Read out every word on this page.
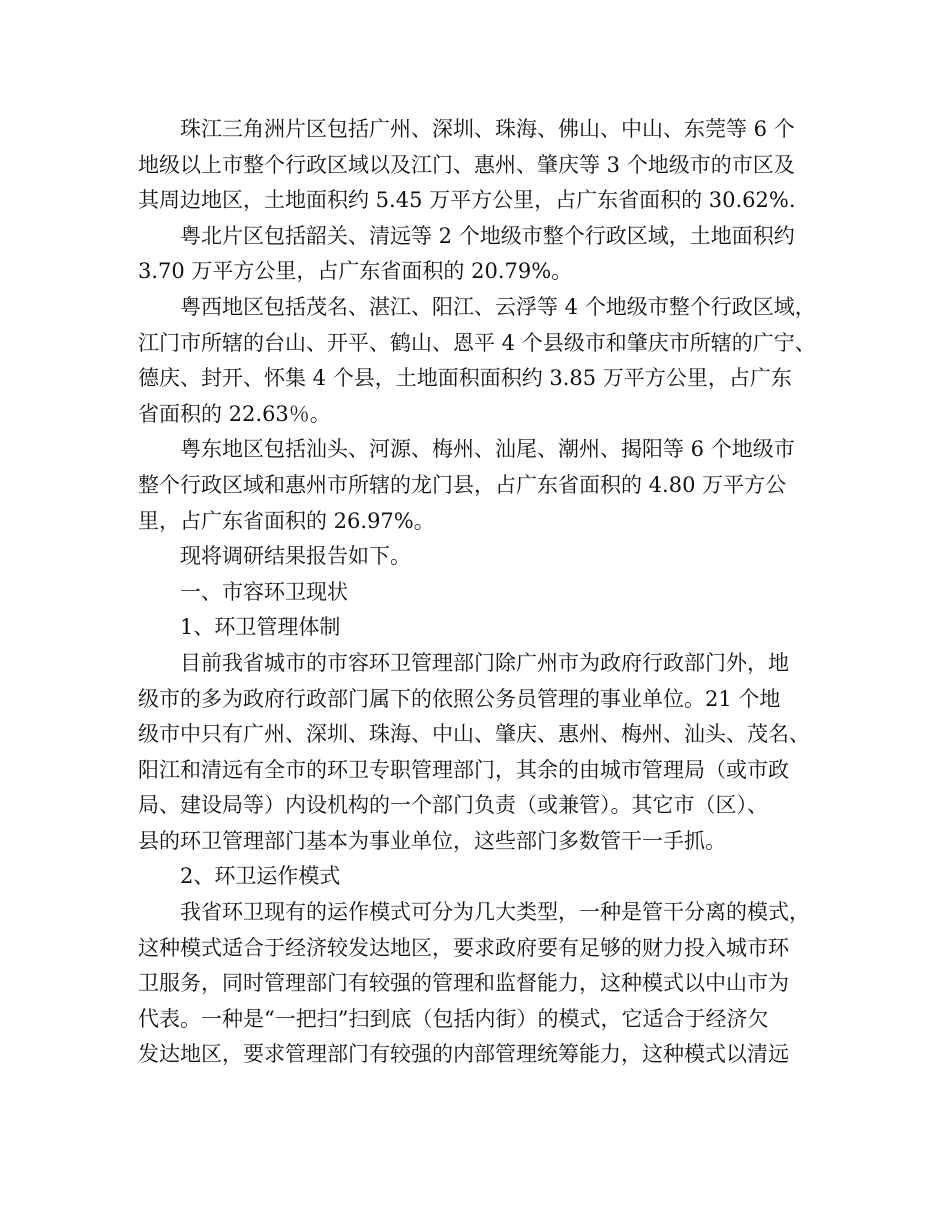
珠江三角洲片区包括广州、深圳、珠海、佛山、中山、东莞等 6 个
地级以上市整个行政区域以及江门、惠州、肇庆等 3 个地级市的市区及
其周边地区，土地面积约 5.45 万平方公里，占广东省面积的 30.62%.
粤北片区包括韶关、清远等 2 个地级市整个行政区域，土地面积约
3.70 万平方公里，占广东省面积的 20.79%。
粤西地区包括茂名、湛江、阳江、云浮等 4 个地级市整个行政区域，
江门市所辖的台山、开平、鹤山、恩平 4 个县级市和肇庆市所辖的广宁、
德庆、封开、怀集 4 个县，土地面积面积约 3.85 万平方公里，占广东
省面积的 22.63％。
粤东地区包括汕头、河源、梅州、汕尾、潮州、揭阳等 6 个地级市
整个行政区域和惠州市所辖的龙门县，占广东省面积的 4.80 万平方公
里，占广东省面积的 26.97%。
现将调研结果报告如下。
一、市容环卫现状
1、环卫管理体制
目前我省城市的市容环卫管理部门除广州市为政府行政部门外，地
级市的多为政府行政部门属下的依照公务员管理的事业单位。21 个地
级市中只有广州、深圳、珠海、中山、肇庆、惠州、梅州、汕头、茂名、
阳江和清远有全市的环卫专职管理部门，其余的由城市管理局（或市政
局、建设局等）内设机构的一个部门负责（或兼管）。其它市（区）、
县的环卫管理部门基本为事业单位，这些部门多数管干一手抓。
2、环卫运作模式
我省环卫现有的运作模式可分为几大类型，一种是管干分离的模式，
这种模式适合于经济较发达地区，要求政府要有足够的财力投入城市环
卫服务，同时管理部门有较强的管理和监督能力，这种模式以中山市为
代表。一种是“一把扫”扫到底（包括内街）的模式，它适合于经济欠
发达地区，要求管理部门有较强的内部管理统筹能力，这种模式以清远
